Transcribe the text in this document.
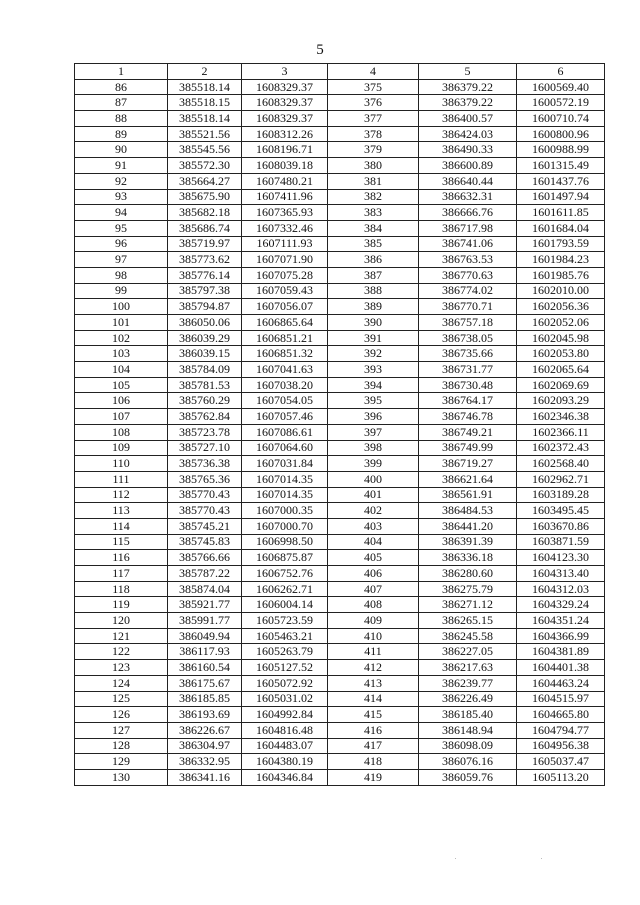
5
1	2	3	4	5	6
86	385518.14	1608329.37	375	386379.22	1600569.40
87	385518.15	1608329.37	376	386379.22	1600572.19
88	385518.14	1608329.37	377	386400.57	1600710.74
89	385521.56	1608312.26	378	386424.03	1600800.96
90	385545.56	1608196.71	379	386490.33	1600988.99
91	385572.30	1608039.18	380	386600.89	1601315.49
92	385664.27	1607480.21	381	386640.44	1601437.76
93	385675.90	1607411.96	382	386632.31	1601497.94
94	385682.18	1607365.93	383	386666.76	1601611.85
95	385686.74	1607332.46	384	386717.98	1601684.04
96	385719.97	1607111.93	385	386741.06	1601793.59
97	385773.62	1607071.90	386	386763.53	1601984.23
98	385776.14	1607075.28	387	386770.63	1601985.76
99	385797.38	1607059.43	388	386774.02	1602010.00
100	385794.87	1607056.07	389	386770.71	1602056.36
101	386050.06	1606865.64	390	386757.18	1602052.06
102	386039.29	1606851.21	391	386738.05	1602045.98
103	386039.15	1606851.32	392	386735.66	1602053.80
104	385784.09	1607041.63	393	386731.77	1602065.64
105	385781.53	1607038.20	394	386730.48	1602069.69
106	385760.29	1607054.05	395	386764.17	1602093.29
107	385762.84	1607057.46	396	386746.78	1602346.38
108	385723.78	1607086.61	397	386749.21	1602366.11
109	385727.10	1607064.60	398	386749.99	1602372.43
110	385736.38	1607031.84	399	386719.27	1602568.40
111	385765.36	1607014.35	400	386621.64	1602962.71
112	385770.43	1607014.35	401	386561.91	1603189.28
113	385770.43	1607000.35	402	386484.53	1603495.45
114	385745.21	1607000.70	403	386441.20	1603670.86
115	385745.83	1606998.50	404	386391.39	1603871.59
116	385766.66	1606875.87	405	386336.18	1604123.30
117	385787.22	1606752.76	406	386280.60	1604313.40
118	385874.04	1606262.71	407	386275.79	1604312.03
119	385921.77	1606004.14	408	386271.12	1604329.24
120	385991.77	1605723.59	409	386265.15	1604351.24
121	386049.94	1605463.21	410	386245.58	1604366.99
122	386117.93	1605263.79	411	386227.05	1604381.89
123	386160.54	1605127.52	412	386217.63	1604401.38
124	386175.67	1605072.92	413	386239.77	1604463.24
125	386185.85	1605031.02	414	386226.49	1604515.97
126	386193.69	1604992.84	415	386185.40	1604665.80
127	386226.67	1604816.48	416	386148.94	1604794.77
128	386304.97	1604483.07	417	386098.09	1604956.38
129	386332.95	1604380.19	418	386076.16	1605037.47
130	386341.16	1604346.84	419	386059.76	1605113.20
